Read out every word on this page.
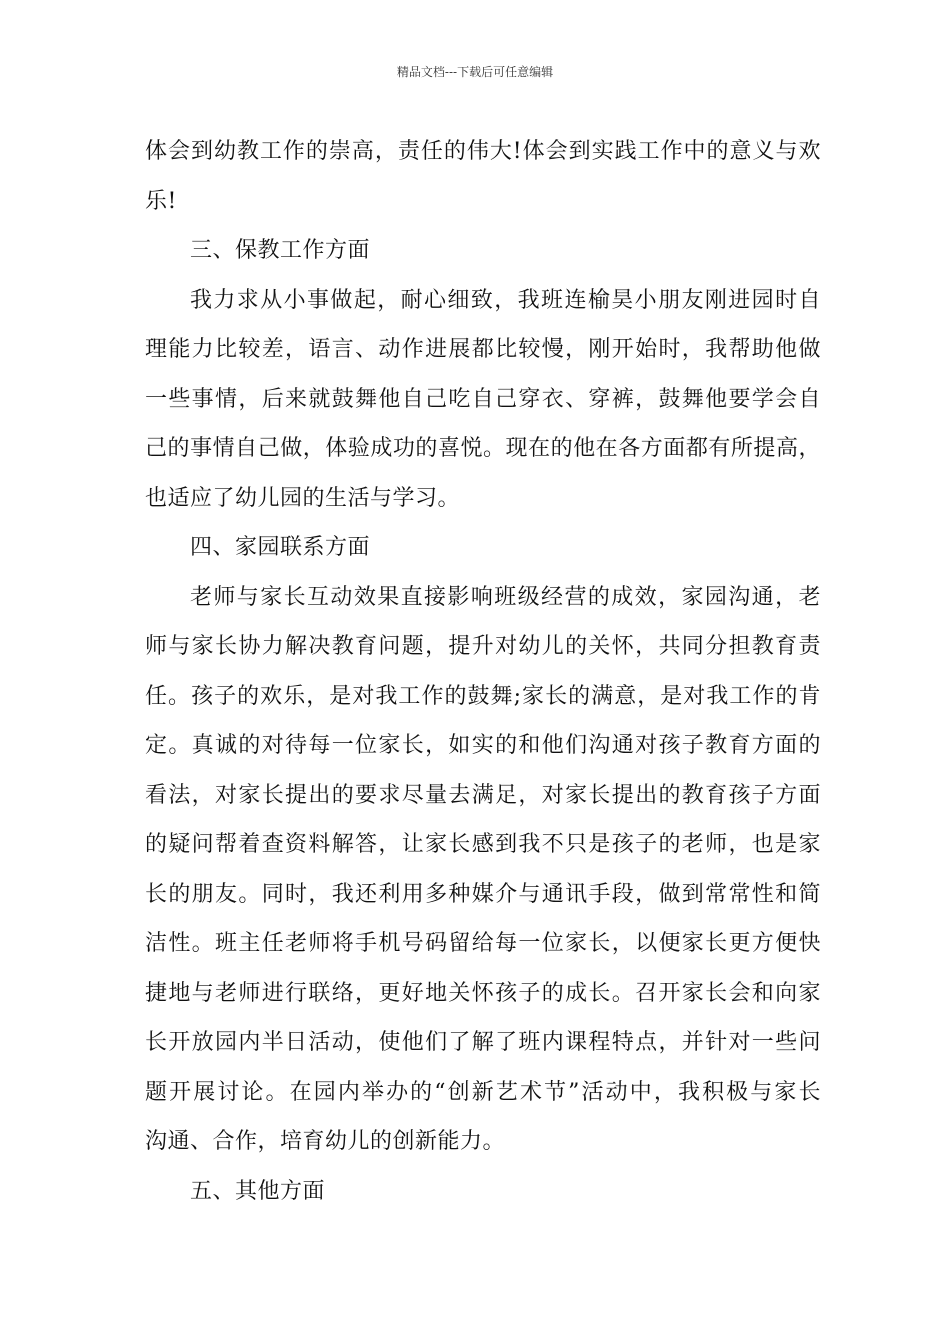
精品文档---下载后可任意编辑
体会到幼教工作的崇高，责任的伟大!体会到实践工作中的意义与欢
乐!
三、保教工作方面
我力求从小事做起，耐心细致，我班连榆昊小朋友刚进园时自
理能力比较差，语言、动作进展都比较慢，刚开始时，我帮助他做
一些事情，后来就鼓舞他自己吃自己穿衣、穿裤，鼓舞他要学会自
己的事情自己做，体验成功的喜悦。现在的他在各方面都有所提高，
也适应了幼儿园的生活与学习。
四、家园联系方面
老师与家长互动效果直接影响班级经营的成效，家园沟通，老
师与家长协力解决教育问题，提升对幼儿的关怀，共同分担教育责
任。孩子的欢乐，是对我工作的鼓舞;家长的满意，是对我工作的肯
定。真诚的对待每一位家长，如实的和他们沟通对孩子教育方面的
看法，对家长提出的要求尽量去满足，对家长提出的教育孩子方面
的疑问帮着查资料解答，让家长感到我不只是孩子的老师，也是家
长的朋友。同时，我还利用多种媒介与通讯手段，做到常常性和简
洁性。班主任老师将手机号码留给每一位家长，以便家长更方便快
捷地与老师进行联络，更好地关怀孩子的成长。召开家长会和向家
长开放园内半日活动，使他们了解了班内课程特点，并针对一些问
题开展讨论。在园内举办的“创新艺术节”活动中，我积极与家长
沟通、合作，培育幼儿的创新能力。
五、其他方面
